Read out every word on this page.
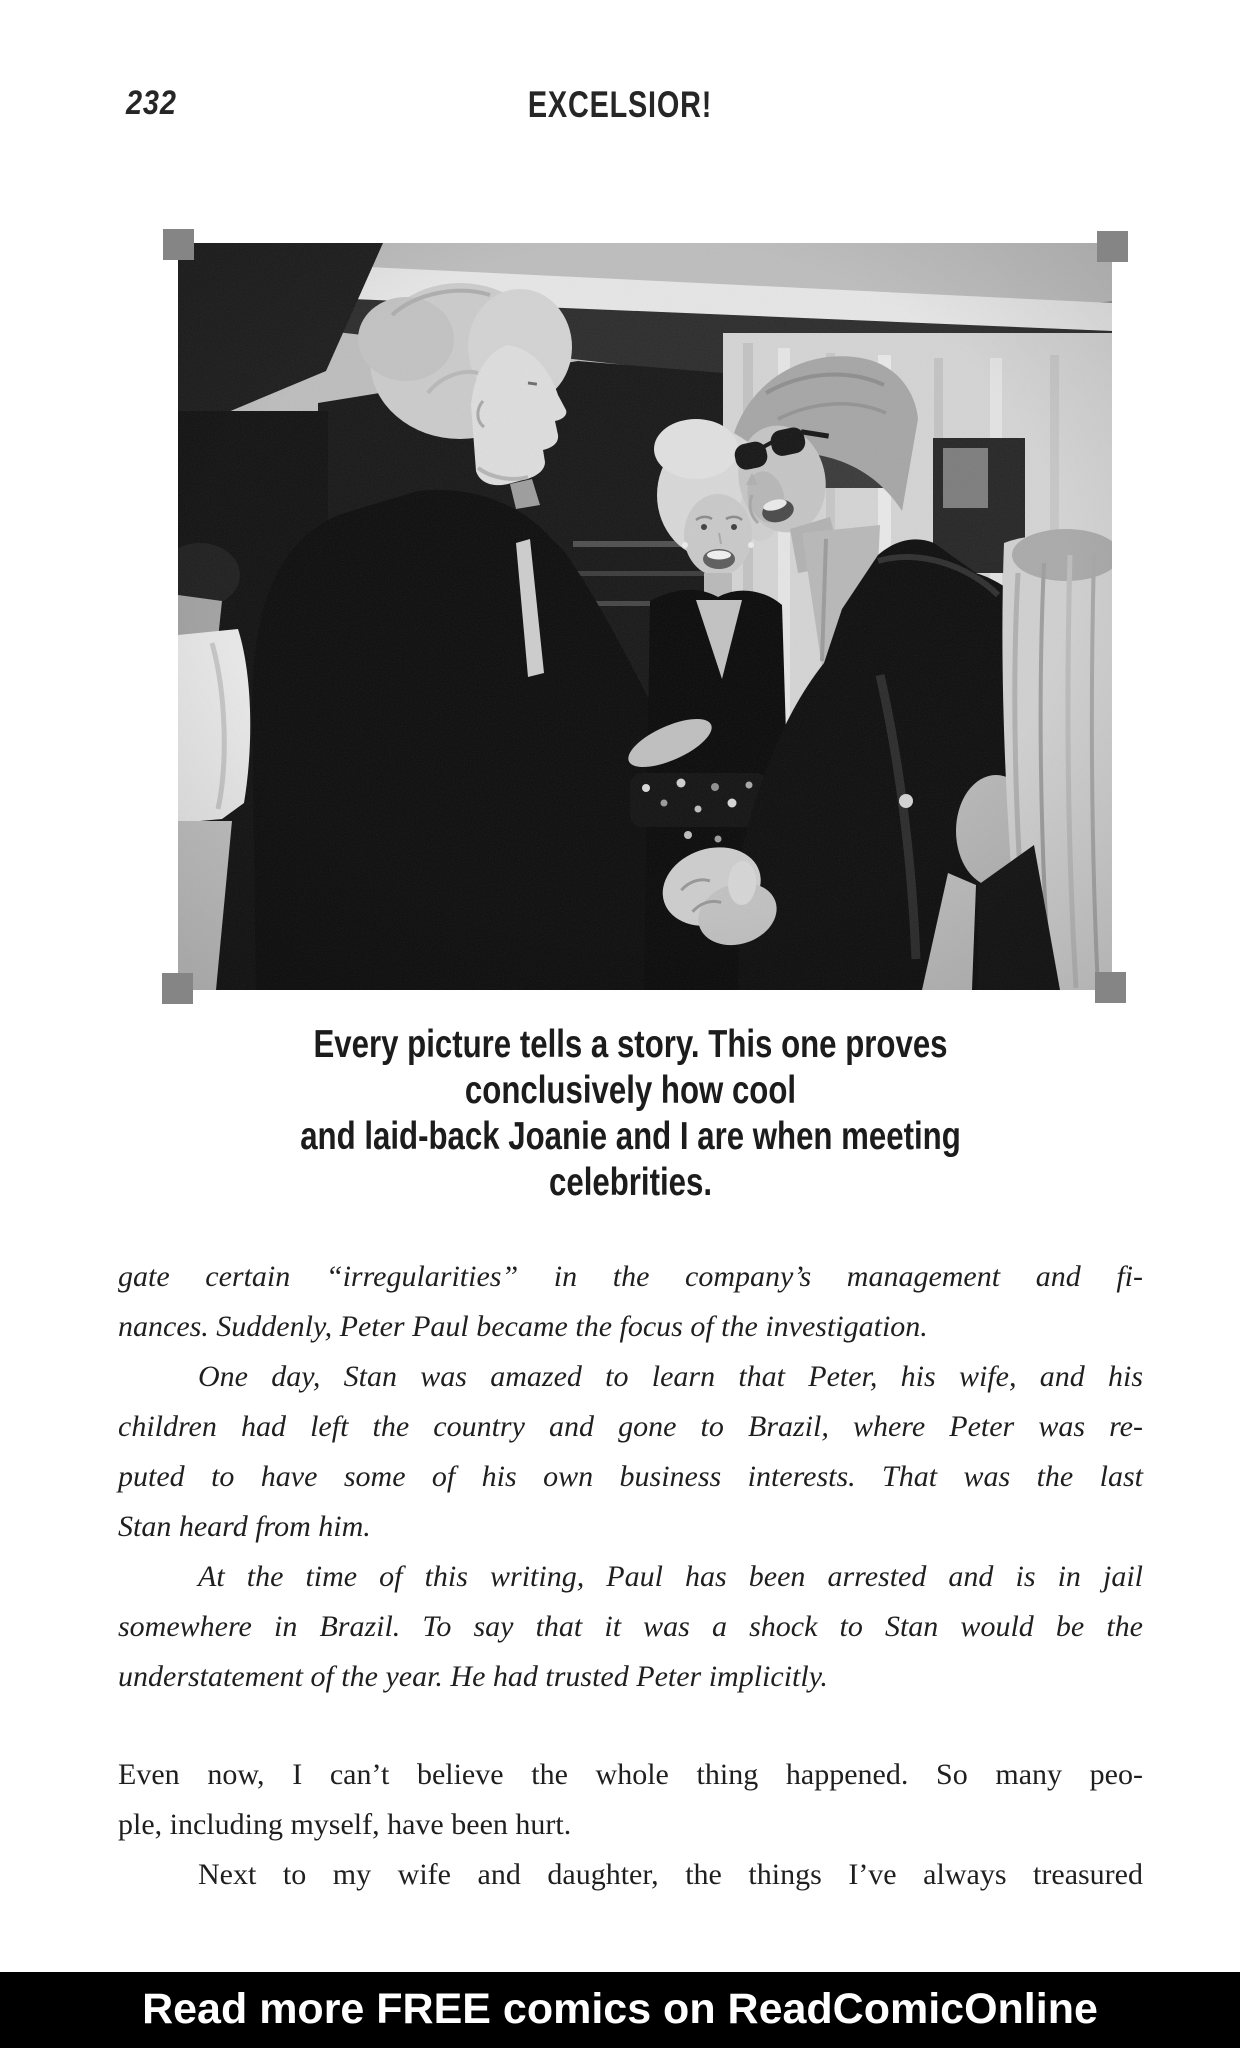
232	EXCELSIOR!
Every picture tells a story. This one proves conclusively how cool
and laid-back Joanie and I are when meeting celebrities.
gate certain “irregularities” in the company’s management and fi-
nances. Suddenly, Peter Paul became the focus of the investigation.
One day, Stan was amazed to learn that Peter, his wife, and his
children had left the country and gone to Brazil, where Peter was re-
puted to have some of his own business interests. That was the last
Stan heard from him.
At the time of this writing, Paul has been arrested and is in jail
somewhere in Brazil. To say that it was a shock to Stan would be the
understatement of the year. He had trusted Peter implicitly.
Even now, I can’t believe the whole thing happened. So many peo-
ple, including myself, have been hurt.
Next to my wife and daughter, the things I’ve always treasured
Read more FREE comics on ReadComicOnline
